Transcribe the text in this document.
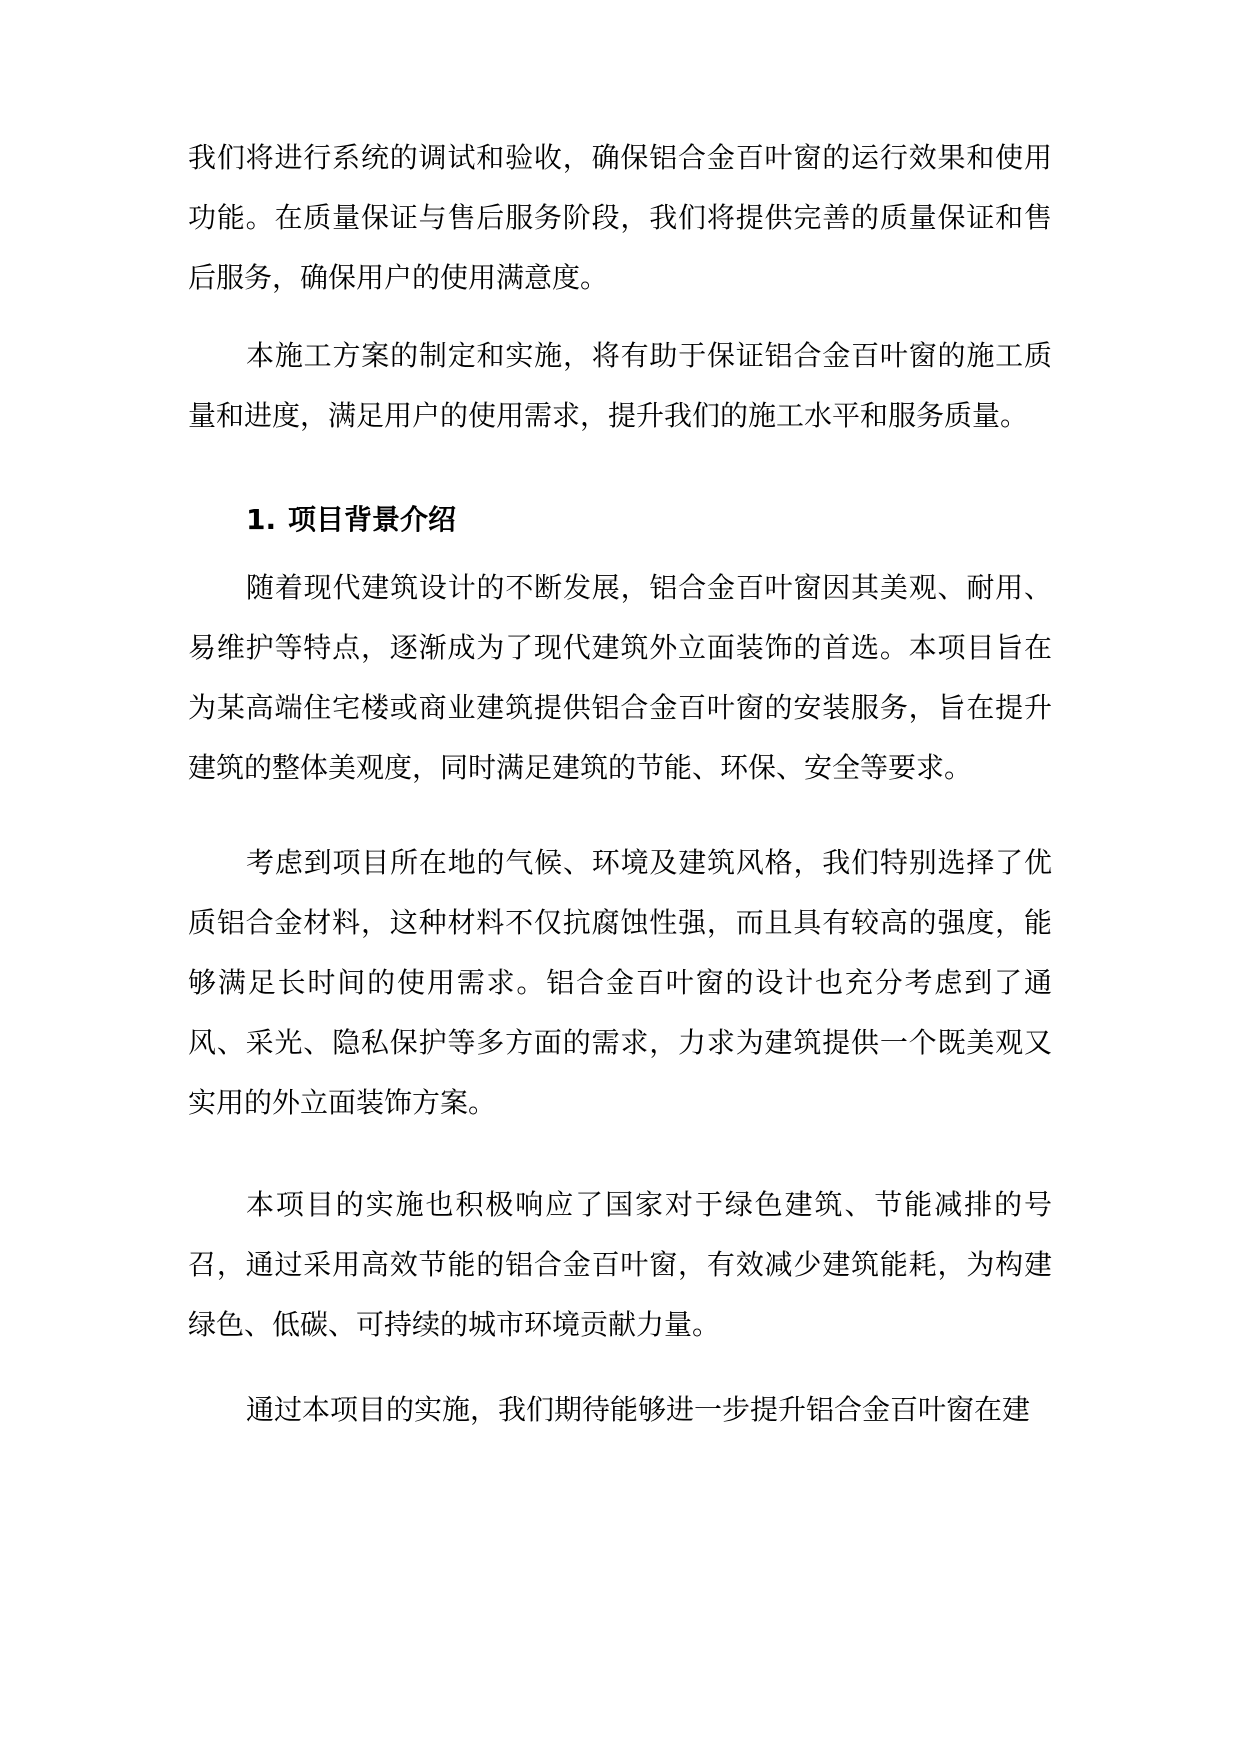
我们将进行系统的调试和验收，确保铝合金百叶窗的运行效果和使用功能。在质量保证与售后服务阶段，我们将提供完善的质量保证和售后服务，确保用户的使用满意度。

本施工方案的制定和实施，将有助于保证铝合金百叶窗的施工质量和进度，满足用户的使用需求，提升我们的施工水平和服务质量。

1. 项目背景介绍

随着现代建筑设计的不断发展，铝合金百叶窗因其美观、耐用、易维护等特点，逐渐成为了现代建筑外立面装饰的首选。本项目旨在为某高端住宅楼或商业建筑提供铝合金百叶窗的安装服务，旨在提升建筑的整体美观度，同时满足建筑的节能、环保、安全等要求。

考虑到项目所在地的气候、环境及建筑风格，我们特别选择了优质铝合金材料，这种材料不仅抗腐蚀性强，而且具有较高的强度，能够满足长时间的使用需求。铝合金百叶窗的设计也充分考虑到了通风、采光、隐私保护等多方面的需求，力求为建筑提供一个既美观又实用的外立面装饰方案。

本项目的实施也积极响应了国家对于绿色建筑、节能减排的号召，通过采用高效节能的铝合金百叶窗，有效减少建筑能耗，为构建绿色、低碳、可持续的城市环境贡献力量。

通过本项目的实施，我们期待能够进一步提升铝合金百叶窗在建
